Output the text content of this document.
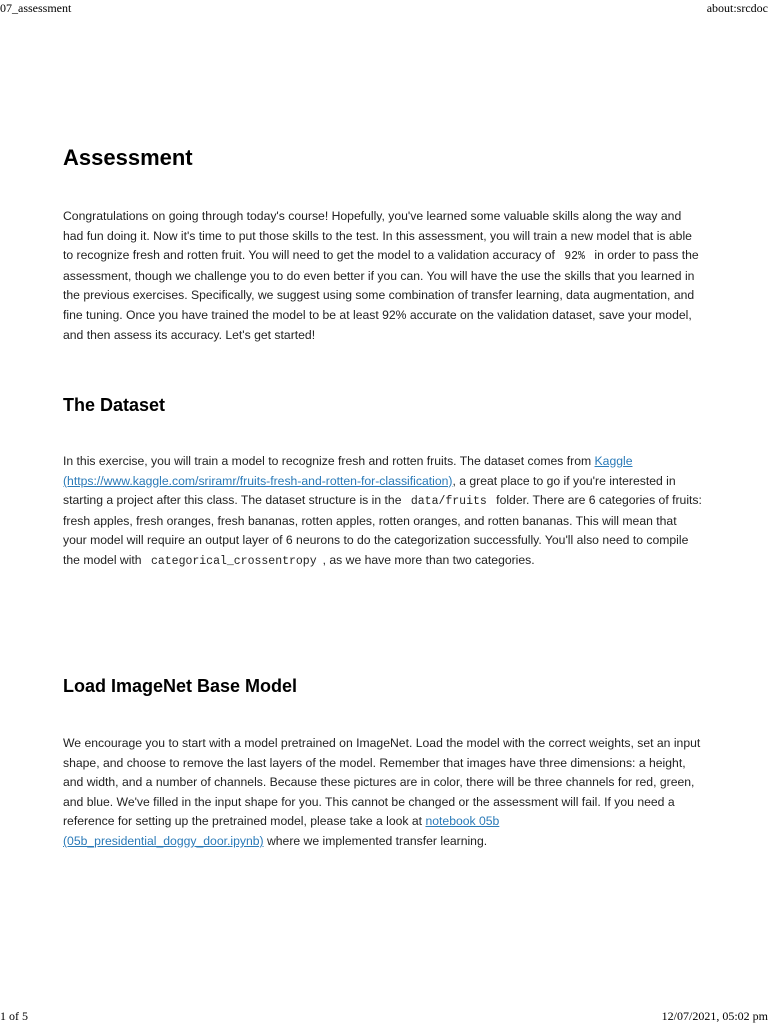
07_assessment	about:srcdoc
Assessment

Congratulations on going through today's course! Hopefully, you've learned some valuable skills along the way and had fun doing it. Now it's time to put those skills to the test. In this assessment, you will train a new model that is able to recognize fresh and rotten fruit. You will need to get the model to a validation accuracy of 92% in order to pass the assessment, though we challenge you to do even better if you can. You will have the use the skills that you learned in the previous exercises. Specifically, we suggest using some combination of transfer learning, data augmentation, and fine tuning. Once you have trained the model to be at least 92% accurate on the validation dataset, save your model, and then assess its accuracy. Let's get started!

The Dataset

In this exercise, you will train a model to recognize fresh and rotten fruits. The dataset comes from Kaggle (https://www.kaggle.com/sriramr/fruits-fresh-and-rotten-for-classification), a great place to go if you're interested in starting a project after this class. The dataset structure is in the data/fruits folder. There are 6 categories of fruits: fresh apples, fresh oranges, fresh bananas, rotten apples, rotten oranges, and rotten bananas. This will mean that your model will require an output layer of 6 neurons to do the categorization successfully. You'll also need to compile the model with categorical_crossentropy , as we have more than two categories.

Load ImageNet Base Model

We encourage you to start with a model pretrained on ImageNet. Load the model with the correct weights, set an input shape, and choose to remove the last layers of the model. Remember that images have three dimensions: a height, and width, and a number of channels. Because these pictures are in color, there will be three channels for red, green, and blue. We've filled in the input shape for you. This cannot be changed or the assessment will fail. If you need a reference for setting up the pretrained model, please take a look at notebook 05b (05b_presidential_doggy_door.ipynb) where we implemented transfer learning.

1 of 5	12/07/2021, 05:02 pm
